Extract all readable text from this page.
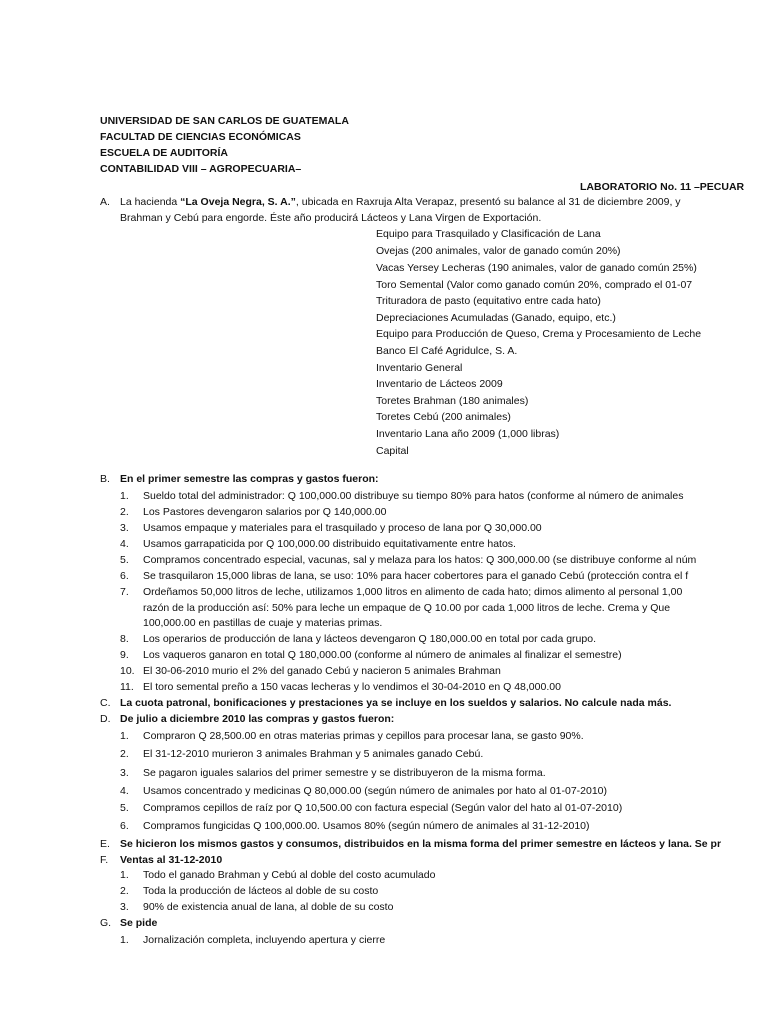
UNIVERSIDAD DE SAN CARLOS DE GUATEMALA
FACULTAD DE CIENCIAS ECONÓMICAS
ESCUELA DE AUDITORÍA
CONTABILIDAD VIII – AGROPECUARIA–
LABORATORIO No. 11 –PECUAR
A. La hacienda “La Oveja Negra, S. A.”, ubicada en Raxruja Alta Verapaz, presentó su balance al 31 de diciembre 2009, y
Brahman y Cebú para engorde. Éste año producirá Lácteos y Lana Virgen de Exportación.
Equipo para Trasquilado y Clasificación de Lana
Ovejas (200 animales, valor de ganado común 20%)
Vacas Yersey Lecheras (190 animales, valor de ganado común 25%)
Toro Semental (Valor como ganado común 20%, comprado el 01-07
Trituradora de pasto (equitativo entre cada hato)
Depreciaciones Acumuladas (Ganado, equipo, etc.)
Equipo para Producción de Queso, Crema y Procesamiento de Leche
Banco El Café Agridulce, S. A.
Inventario General
Inventario de Lácteos 2009
Toretes Brahman (180 animales)
Toretes Cebú (200 animales)
Inventario Lana año 2009 (1,000 libras)
Capital
B. En el primer semestre las compras y gastos fueron:
1. Sueldo total del administrador: Q 100,000.00 distribuye su tiempo 80% para hatos (conforme al número de animales
2. Los Pastores devengaron salarios por Q 140,000.00
3. Usamos empaque y materiales para el trasquilado y proceso de lana por Q 30,000.00
4. Usamos garrapaticida por Q 100,000.00 distribuido equitativamente entre hatos.
5. Compramos concentrado especial, vacunas, sal y melaza para los hatos: Q 300,000.00 (se distribuye conforme al núm
6. Se trasquilaron 15,000 libras de lana, se uso: 10% para hacer cobertores para el ganado Cebú (protección contra el f
7. Ordeñamos 50,000 litros de leche, utilizamos 1,000 litros en alimento de cada hato; dimos alimento al personal 1,00
razón de la producción así: 50% para leche un empaque de Q 10.00 por cada 1,000 litros de leche. Crema y Que
100,000.00 en pastillas de cuaje y materias primas.
8. Los operarios de producción de lana y lácteos devengaron Q 180,000.00 en total por cada grupo.
9. Los vaqueros ganaron en total Q 180,000.00 (conforme al número de animales al finalizar el semestre)
10. El 30-06-2010 murio el 2% del ganado Cebú y nacieron 5 animales Brahman
11. El toro semental preño a 150 vacas lecheras y lo vendimos el 30-04-2010 en Q 48,000.00
C. La cuota patronal, bonificaciones y prestaciones ya se incluye en los sueldos y salarios. No calcule nada más.
D. De julio a diciembre 2010 las compras y gastos fueron:
1. Compraron Q 28,500.00 en otras materias primas y cepillos para procesar lana, se gasto 90%.
2. El 31-12-2010 murieron 3 animales Brahman y 5 animales ganado Cebú.
3. Se pagaron iguales salarios del primer semestre y se distribuyeron de la misma forma.
4. Usamos concentrado y medicinas Q 80,000.00 (según número de animales por hato al 01-07-2010)
5. Compramos cepillos de raíz por Q 10,500.00 con factura especial (Según valor del hato al 01-07-2010)
6. Compramos fungicidas Q 100,000.00. Usamos 80% (según número de animales al 31-12-2010)
E. Se hicieron los mismos gastos y consumos, distribuidos en la misma forma del primer semestre en lácteos y lana. Se pr
F. Ventas al 31-12-2010
1. Todo el ganado Brahman y Cebú al doble del costo acumulado
2. Toda la producción de lácteos al doble de su costo
3. 90% de existencia anual de lana, al doble de su costo
G. Se pide
1. Jornalización completa, incluyendo apertura y cierre
